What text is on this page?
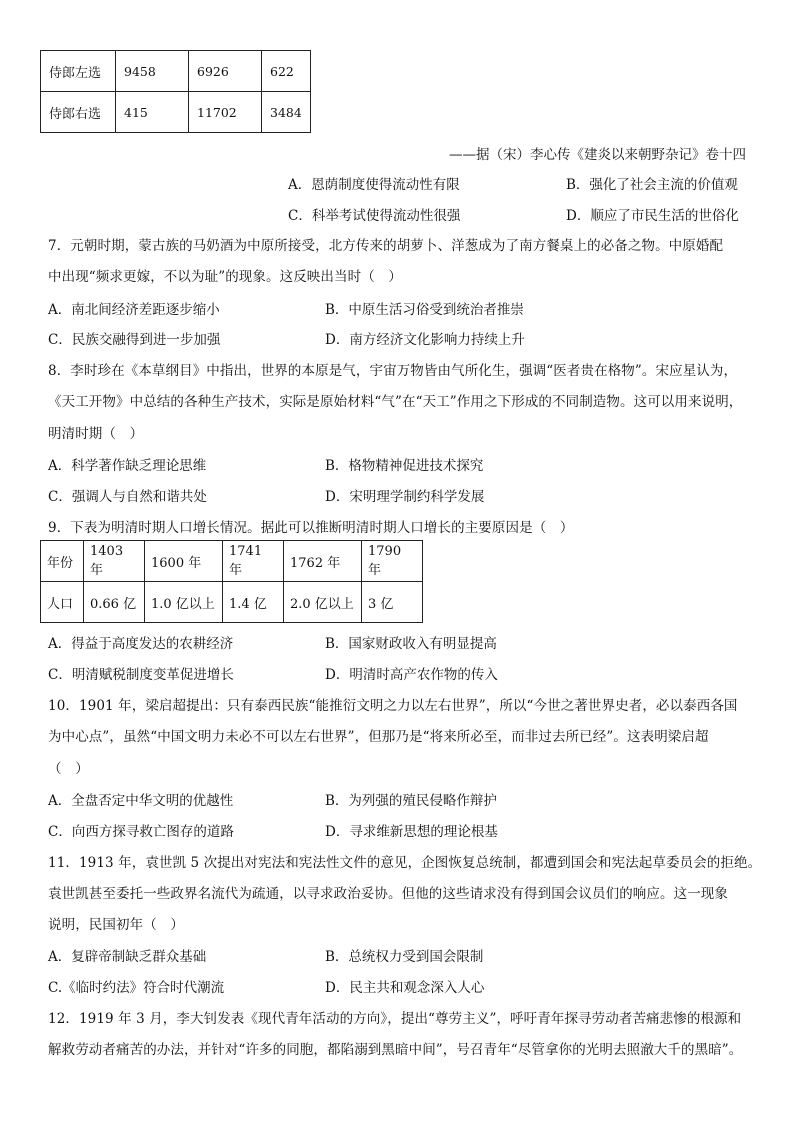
侍郎左选	9458	6926	622
侍郎右选	415	11702	3484
——据（宋）李心传《建炎以来朝野杂记》卷十四
A．恩荫制度使得流动性有限	B．强化了社会主流的价值观
C．科举考试使得流动性很强	D．顺应了市民生活的世俗化
7．元朝时期，蒙古族的马奶酒为中原所接受，北方传来的胡萝卜、洋葱成为了南方餐桌上的必备之物。中原婚配
中出现“频求更嫁，不以为耻”的现象。这反映出当时（　）
A．南北间经济差距逐步缩小	B．中原生活习俗受到统治者推崇
C．民族交融得到进一步加强	D．南方经济文化影响力持续上升
8．李时珍在《本草纲目》中指出，世界的本原是气，宇宙万物皆由气所化生，强调“医者贵在格物”。宋应星认为，
《天工开物》中总结的各种生产技术，实际是原始材料“气”在“天工”作用之下形成的不同制造物。这可以用来说明，
明清时期（　）
A．科学著作缺乏理论思维	B．格物精神促进技术探究
C．强调人与自然和谐共处	D．宋明理学制约科学发展
9．下表为明清时期人口增长情况。据此可以推断明清时期人口增长的主要原因是（　）
年份	1403 年	1600 年	1741 年	1762 年	1790 年
人口	0.66 亿	1.0 亿以上	1.4 亿	2.0 亿以上	3 亿
A．得益于高度发达的农耕经济	B．国家财政收入有明显提高
C．明清赋税制度变革促进增长	D．明清时高产农作物的传入
10．1901 年，梁启超提出：只有泰西民族“能推衍文明之力以左右世界”，所以“今世之著世界史者，必以泰西各国
为中心点”，虽然“中国文明力未必不可以左右世界”，但那乃是“将来所必至，而非过去所已经”。这表明梁启超
（　）
A．全盘否定中华文明的优越性	B．为列强的殖民侵略作辩护
C．向西方探寻救亡图存的道路	D．寻求维新思想的理论根基
11．1913 年，袁世凯 5 次提出对宪法和宪法性文件的意见，企图恢复总统制，都遭到国会和宪法起草委员会的拒绝。
袁世凯甚至委托一些政界名流代为疏通，以寻求政治妥协。但他的这些请求没有得到国会议员们的响应。这一现象
说明，民国初年（　）
A．复辟帝制缺乏群众基础	B．总统权力受到国会限制
C.《临时约法》符合时代潮流	D．民主共和观念深入人心
12．1919 年 3 月，李大钊发表《现代青年活动的方向》，提出“尊劳主义”，呼吁青年探寻劳动者苦痛悲惨的根源和
解救劳动者痛苦的办法，并针对“许多的同胞，都陷溺到黑暗中间”，号召青年“尽管拿你的光明去照澈大千的黑暗”。
